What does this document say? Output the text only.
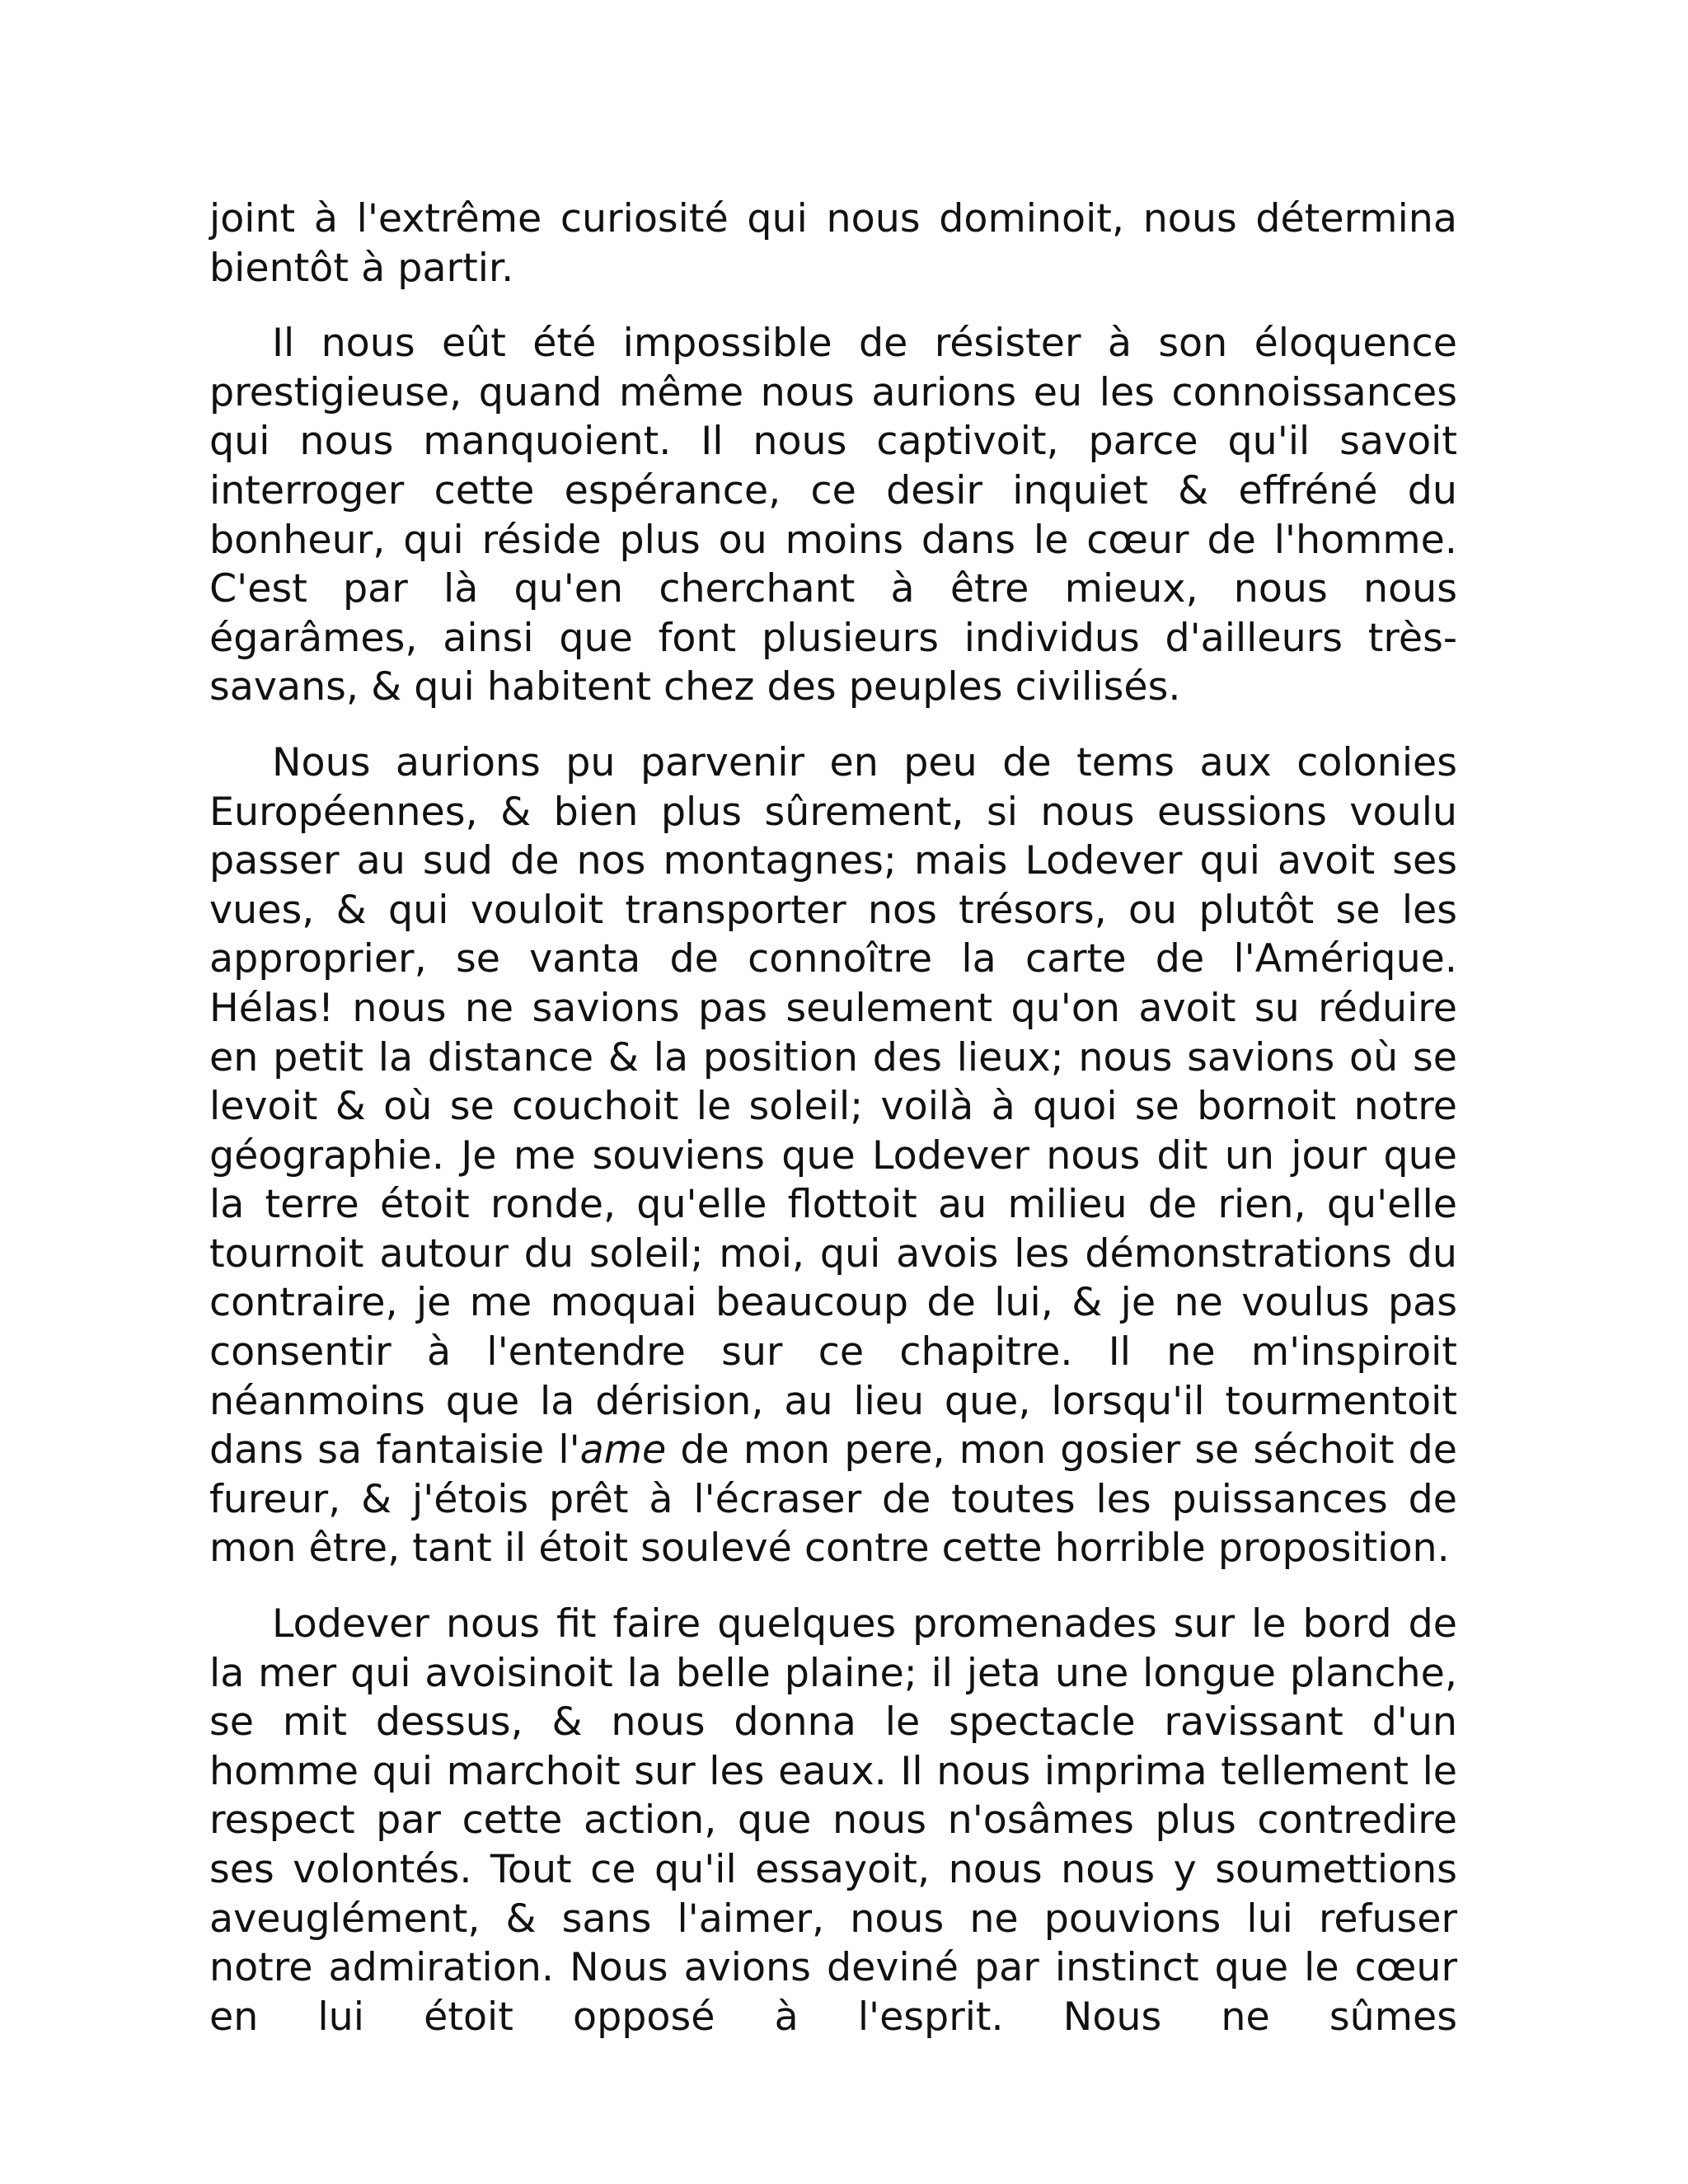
joint à l'extrême curiosité qui nous dominoit, nous détermina bientôt à partir.

Il nous eût été impossible de résister à son éloquence prestigieuse, quand même nous aurions eu les connoissances qui nous manquoient. Il nous captivoit, parce qu'il savoit interroger cette espérance, ce desir inquiet & effréné du bonheur, qui réside plus ou moins dans le cœur de l'homme. C'est par là qu'en cherchant à être mieux, nous nous égarâmes, ainsi que font plusieurs individus d'ailleurs très-savans, & qui habitent chez des peuples civilisés.

Nous aurions pu parvenir en peu de tems aux colonies Européennes, & bien plus sûrement, si nous eussions voulu passer au sud de nos montagnes; mais Lodever qui avoit ses vues, & qui vouloit transporter nos trésors, ou plutôt se les approprier, se vanta de connoître la carte de l'Amérique. Hélas! nous ne savions pas seulement qu'on avoit su réduire en petit la distance & la position des lieux; nous savions où se levoit & où se couchoit le soleil; voilà à quoi se bornoit notre géographie. Je me souviens que Lodever nous dit un jour que la terre étoit ronde, qu'elle flottoit au milieu de rien, qu'elle tournoit autour du soleil; moi, qui avois les démonstrations du contraire, je me moquai beaucoup de lui, & je ne voulus pas consentir à l'entendre sur ce chapitre. Il ne m'inspiroit néanmoins que la dérision, au lieu que, lorsqu'il tourmentoit dans sa fantaisie l'ame de mon pere, mon gosier se séchoit de fureur, & j'étois prêt à l'écraser de toutes les puissances de mon être, tant il étoit soulevé contre cette horrible proposition.

Lodever nous fit faire quelques promenades sur le bord de la mer qui avoisinoit la belle plaine; il jeta une longue planche, se mit dessus, & nous donna le spectacle ravissant d'un homme qui marchoit sur les eaux. Il nous imprima tellement le respect par cette action, que nous n'osâmes plus contredire ses volontés. Tout ce qu'il essayoit, nous nous y soumettions aveuglément, & sans l'aimer, nous ne pouvions lui refuser notre admiration. Nous avions deviné par instinct que le cœur en lui étoit opposé à l'esprit. Nous ne sûmes
